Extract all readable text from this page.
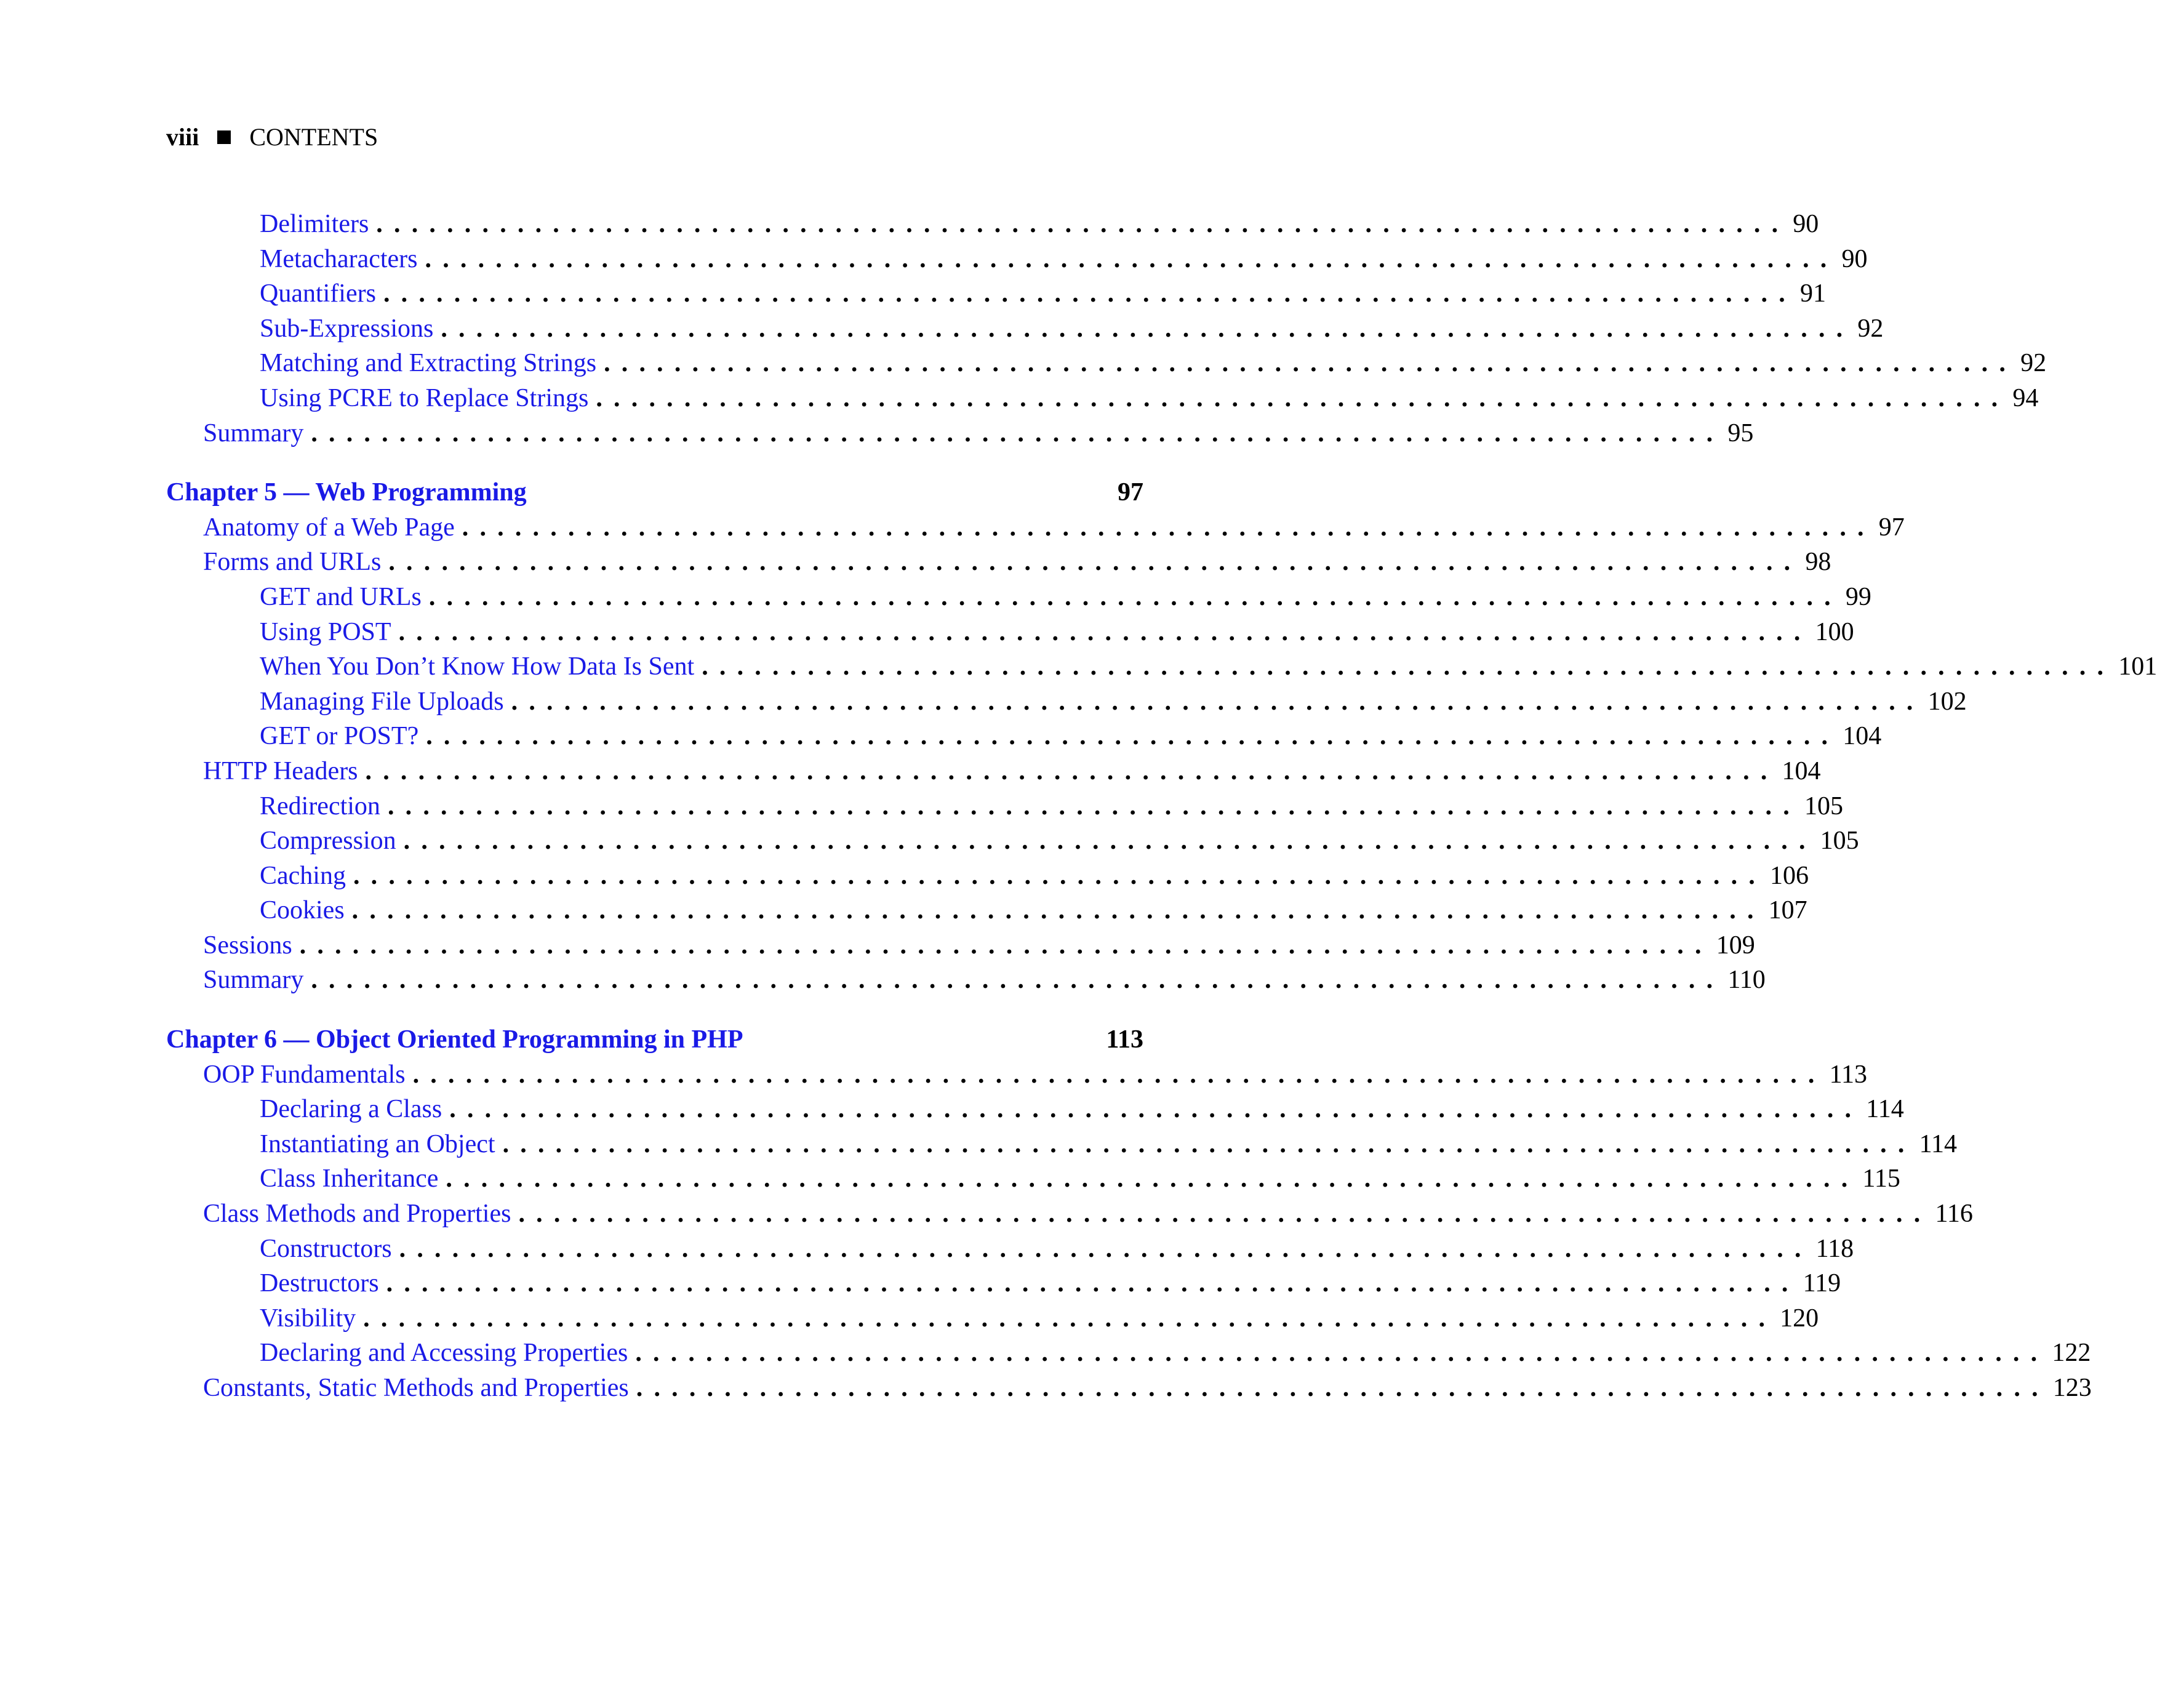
viii CONTENTS
Delimiters ................................................................................ 90
Metacharacters ................................................................................ 90
Quantifiers ................................................................................ 91
Sub-Expressions ................................................................................ 92
Matching and Extracting Strings ................................................................................ 92
Using PCRE to Replace Strings ................................................................................ 94
Summary ................................................................................ 95
Chapter 5 — Web Programming	97
Anatomy of a Web Page ................................................................................ 97
Forms and URLs ................................................................................ 98
GET and URLs ................................................................................ 99
Using POST ................................................................................ 100
When You Don’t Know How Data Is Sent ................................................................................ 101
Managing File Uploads ................................................................................ 102
GET or POST? ................................................................................ 104
HTTP Headers ................................................................................ 104
Redirection ................................................................................ 105
Compression ................................................................................ 105
Caching ................................................................................ 106
Cookies ................................................................................ 107
Sessions ................................................................................ 109
Summary ................................................................................ 110
Chapter 6 — Object Oriented Programming in PHP	113
OOP Fundamentals ................................................................................ 113
Declaring a Class ................................................................................ 114
Instantiating an Object ................................................................................ 114
Class Inheritance ................................................................................ 115
Class Methods and Properties ................................................................................ 116
Constructors ................................................................................ 118
Destructors ................................................................................ 119
Visibility ................................................................................ 120
Declaring and Accessing Properties ................................................................................ 122
Constants, Static Methods and Properties ................................................................................ 123
